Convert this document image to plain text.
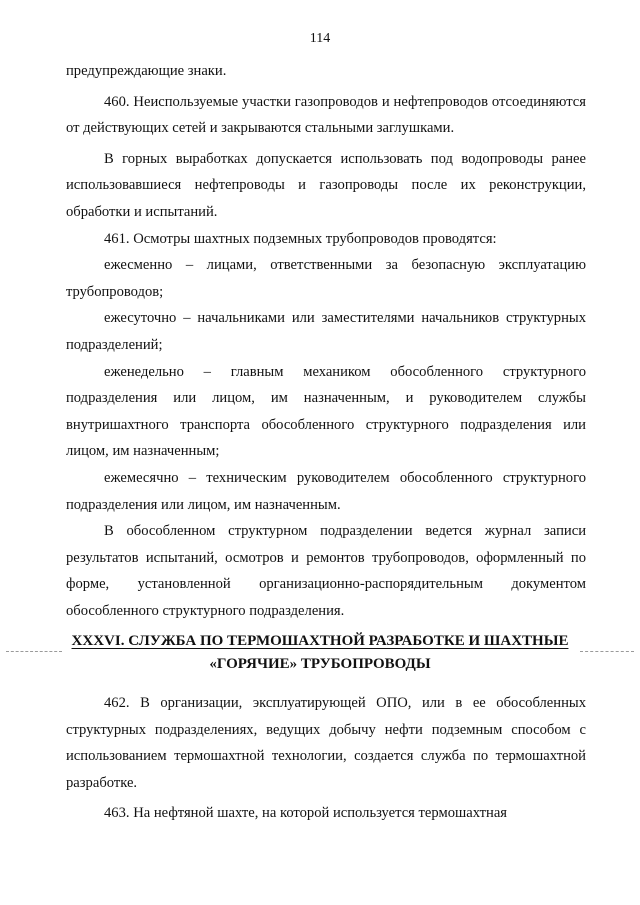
114

предупреждающие знаки.

460. Неиспользуемые участки газопроводов и нефтепроводов отсоединяются от действующих сетей и закрываются стальными заглушками.

В горных выработках допускается использовать под водопроводы ранее использовавшиеся нефтепроводы и газопроводы после их реконструкции, обработки и испытаний.

461. Осмотры шахтных подземных трубопроводов проводятся:

ежесменно – лицами, ответственными за безопасную эксплуатацию трубопроводов;

ежесуточно – начальниками или заместителями начальников структурных подразделений;

еженедельно – главным механиком обособленного структурного подразделения или лицом, им назначенным, и руководителем службы внутришахтного транспорта обособленного структурного подразделения или лицом, им назначенным;

ежемесячно – техническим руководителем обособленного структурного подразделения или лицом, им назначенным.

В обособленном структурном подразделении ведется журнал записи результатов испытаний, осмотров и ремонтов трубопроводов, оформленный по форме, установленной организационно-распорядительным документом обособленного структурного подразделения.

XXXVI. СЛУЖБА ПО ТЕРМОШАХТНОЙ РАЗРАБОТКЕ И ШАХТНЫЕ
«ГОРЯЧИЕ» ТРУБОПРОВОДЫ

462. В организации, эксплуатирующей ОПО, или в ее обособленных структурных подразделениях, ведущих добычу нефти подземным способом с использованием термошахтной технологии, создается служба по термошахтной разработке.

463. На нефтяной шахте, на которой используется термошахтная
